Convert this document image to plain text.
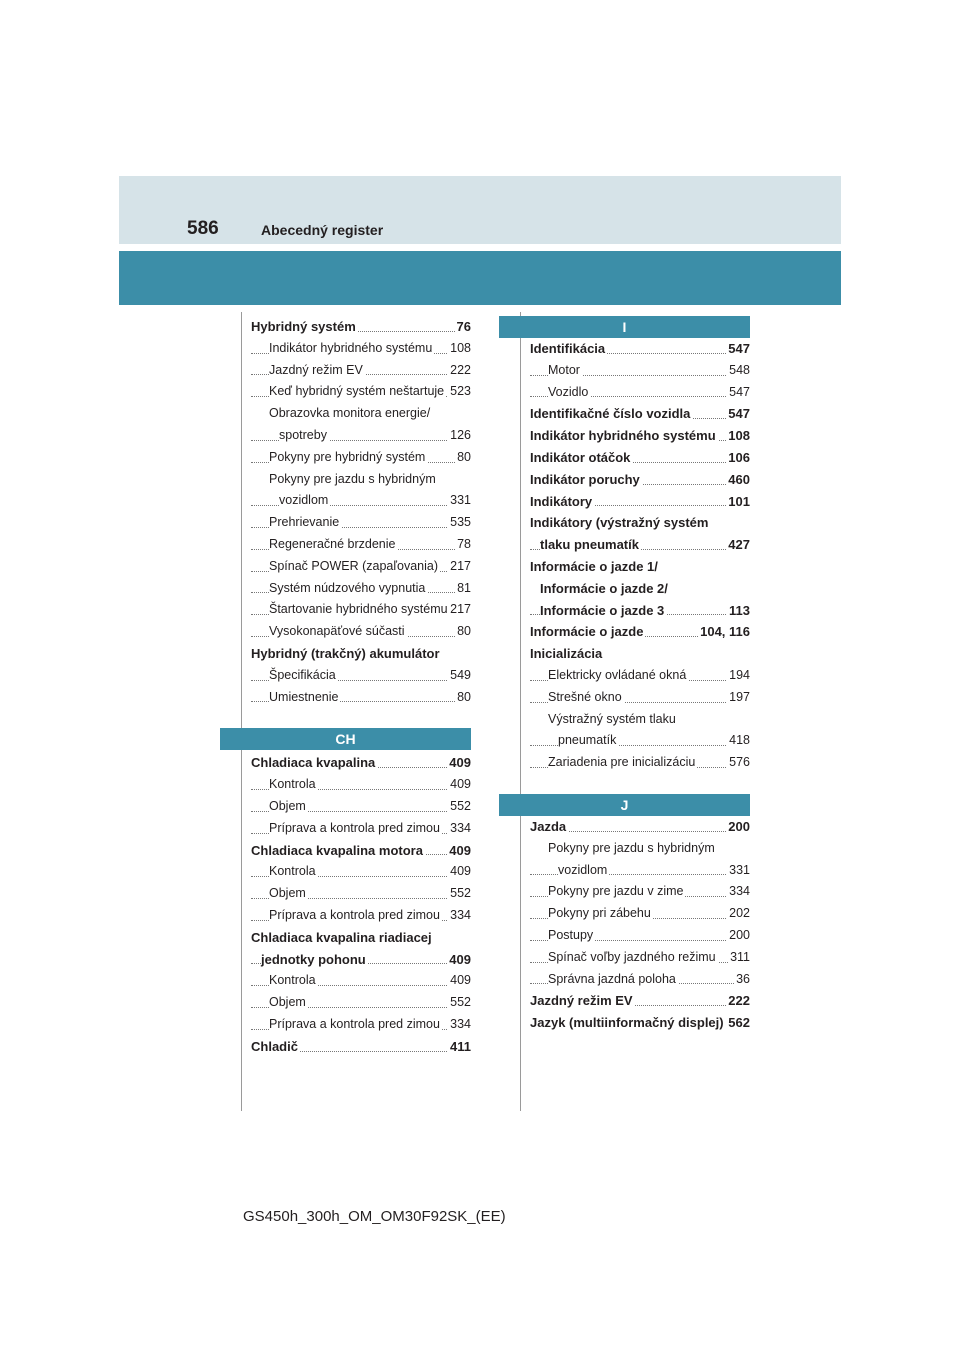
586	Abecedný register
Hybridný systém	76
Indikátor hybridného systému 108
Jazdný režim EV	222
Keď hybridný systém neštartuje 523
Obrazovka monitora energie/
spotreby	126
Pokyny pre hybridný systém	80
Pokyny pre jazdu s hybridným
vozidlom	331
Prehrievanie	535
Regeneračné brzdenie	78
Spínač POWER (zapaľovania) 217
Systém núdzového vypnutia	81
Štartovanie hybridného systému 217
Vysokonapäťové súčasti	80
Hybridný (trakčný) akumulátor
Špecifikácia	549
Umiestnenie	80
CH
Chladiaca kvapalina	409
Kontrola	409
Objem	552
Príprava a kontrola pred zimou 334
Chladiaca kvapalina motora 409
Kontrola	409
Objem	552
Príprava a kontrola pred zimou 334
Chladiaca kvapalina riadiacej
jednotky pohonu	409
Kontrola	409
Objem	552
Príprava a kontrola pred zimou 334
Chladič	411
I
Identifikácia	547
Motor	548
Vozidlo	547
Identifikačné číslo vozidla	547
Indikátor hybridného systému 108
Indikátor otáčok	106
Indikátor poruchy	460
Indikátory	101
Indikátory (výstražný systém
tlaku pneumatík	427
Informácie o jazde 1/
Informácie o jazde 2/
Informácie o jazde 3	113
Informácie o jazde	104, 116
Inicializácia
Elektricky ovládané okná	194
Strešné okno	197
Výstražný systém tlaku
pneumatík	418
Zariadenia pre inicializáciu	576
J
Jazda	200
Pokyny pre jazdu s hybridným
vozidlom	331
Pokyny pre jazdu v zime	334
Pokyny pri zábehu	202
Postupy	200
Spínač voľby jazdného režimu 311
Správna jazdná poloha	36
Jazdný režim EV	222
Jazyk (multiinformačný displej) 562
GS450h_300h_OM_OM30F92SK_(EE)
